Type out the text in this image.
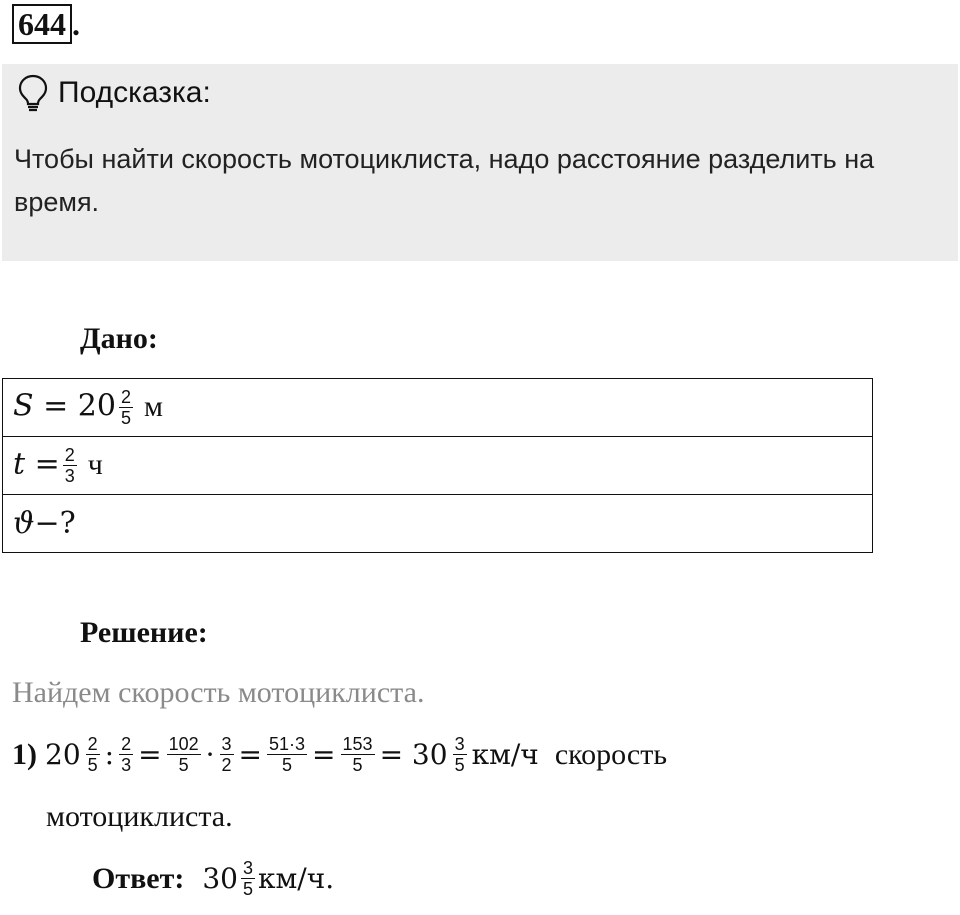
644 .
Подсказка:
Чтобы найти скорость мотоциклиста, надо расстояние разделить на время.
Дано:
$S = 20 \frac{2}{5}$ м
$t = \frac{2}{3}$ ч
ϑ−?
Решение:
Найдем скорость мотоциклиста.
1) $20 \frac{2}{5}$ : $\frac{2}{3} = \frac{102}{5} \cdot \frac{3}{2} = \frac{51\cdot 3}{5} = \frac{153}{5} = 30 \frac{3}{5} км/ч$ скорость
мотоциклиста.
Ответ: $30 \frac{3}{5} км/ч$.
